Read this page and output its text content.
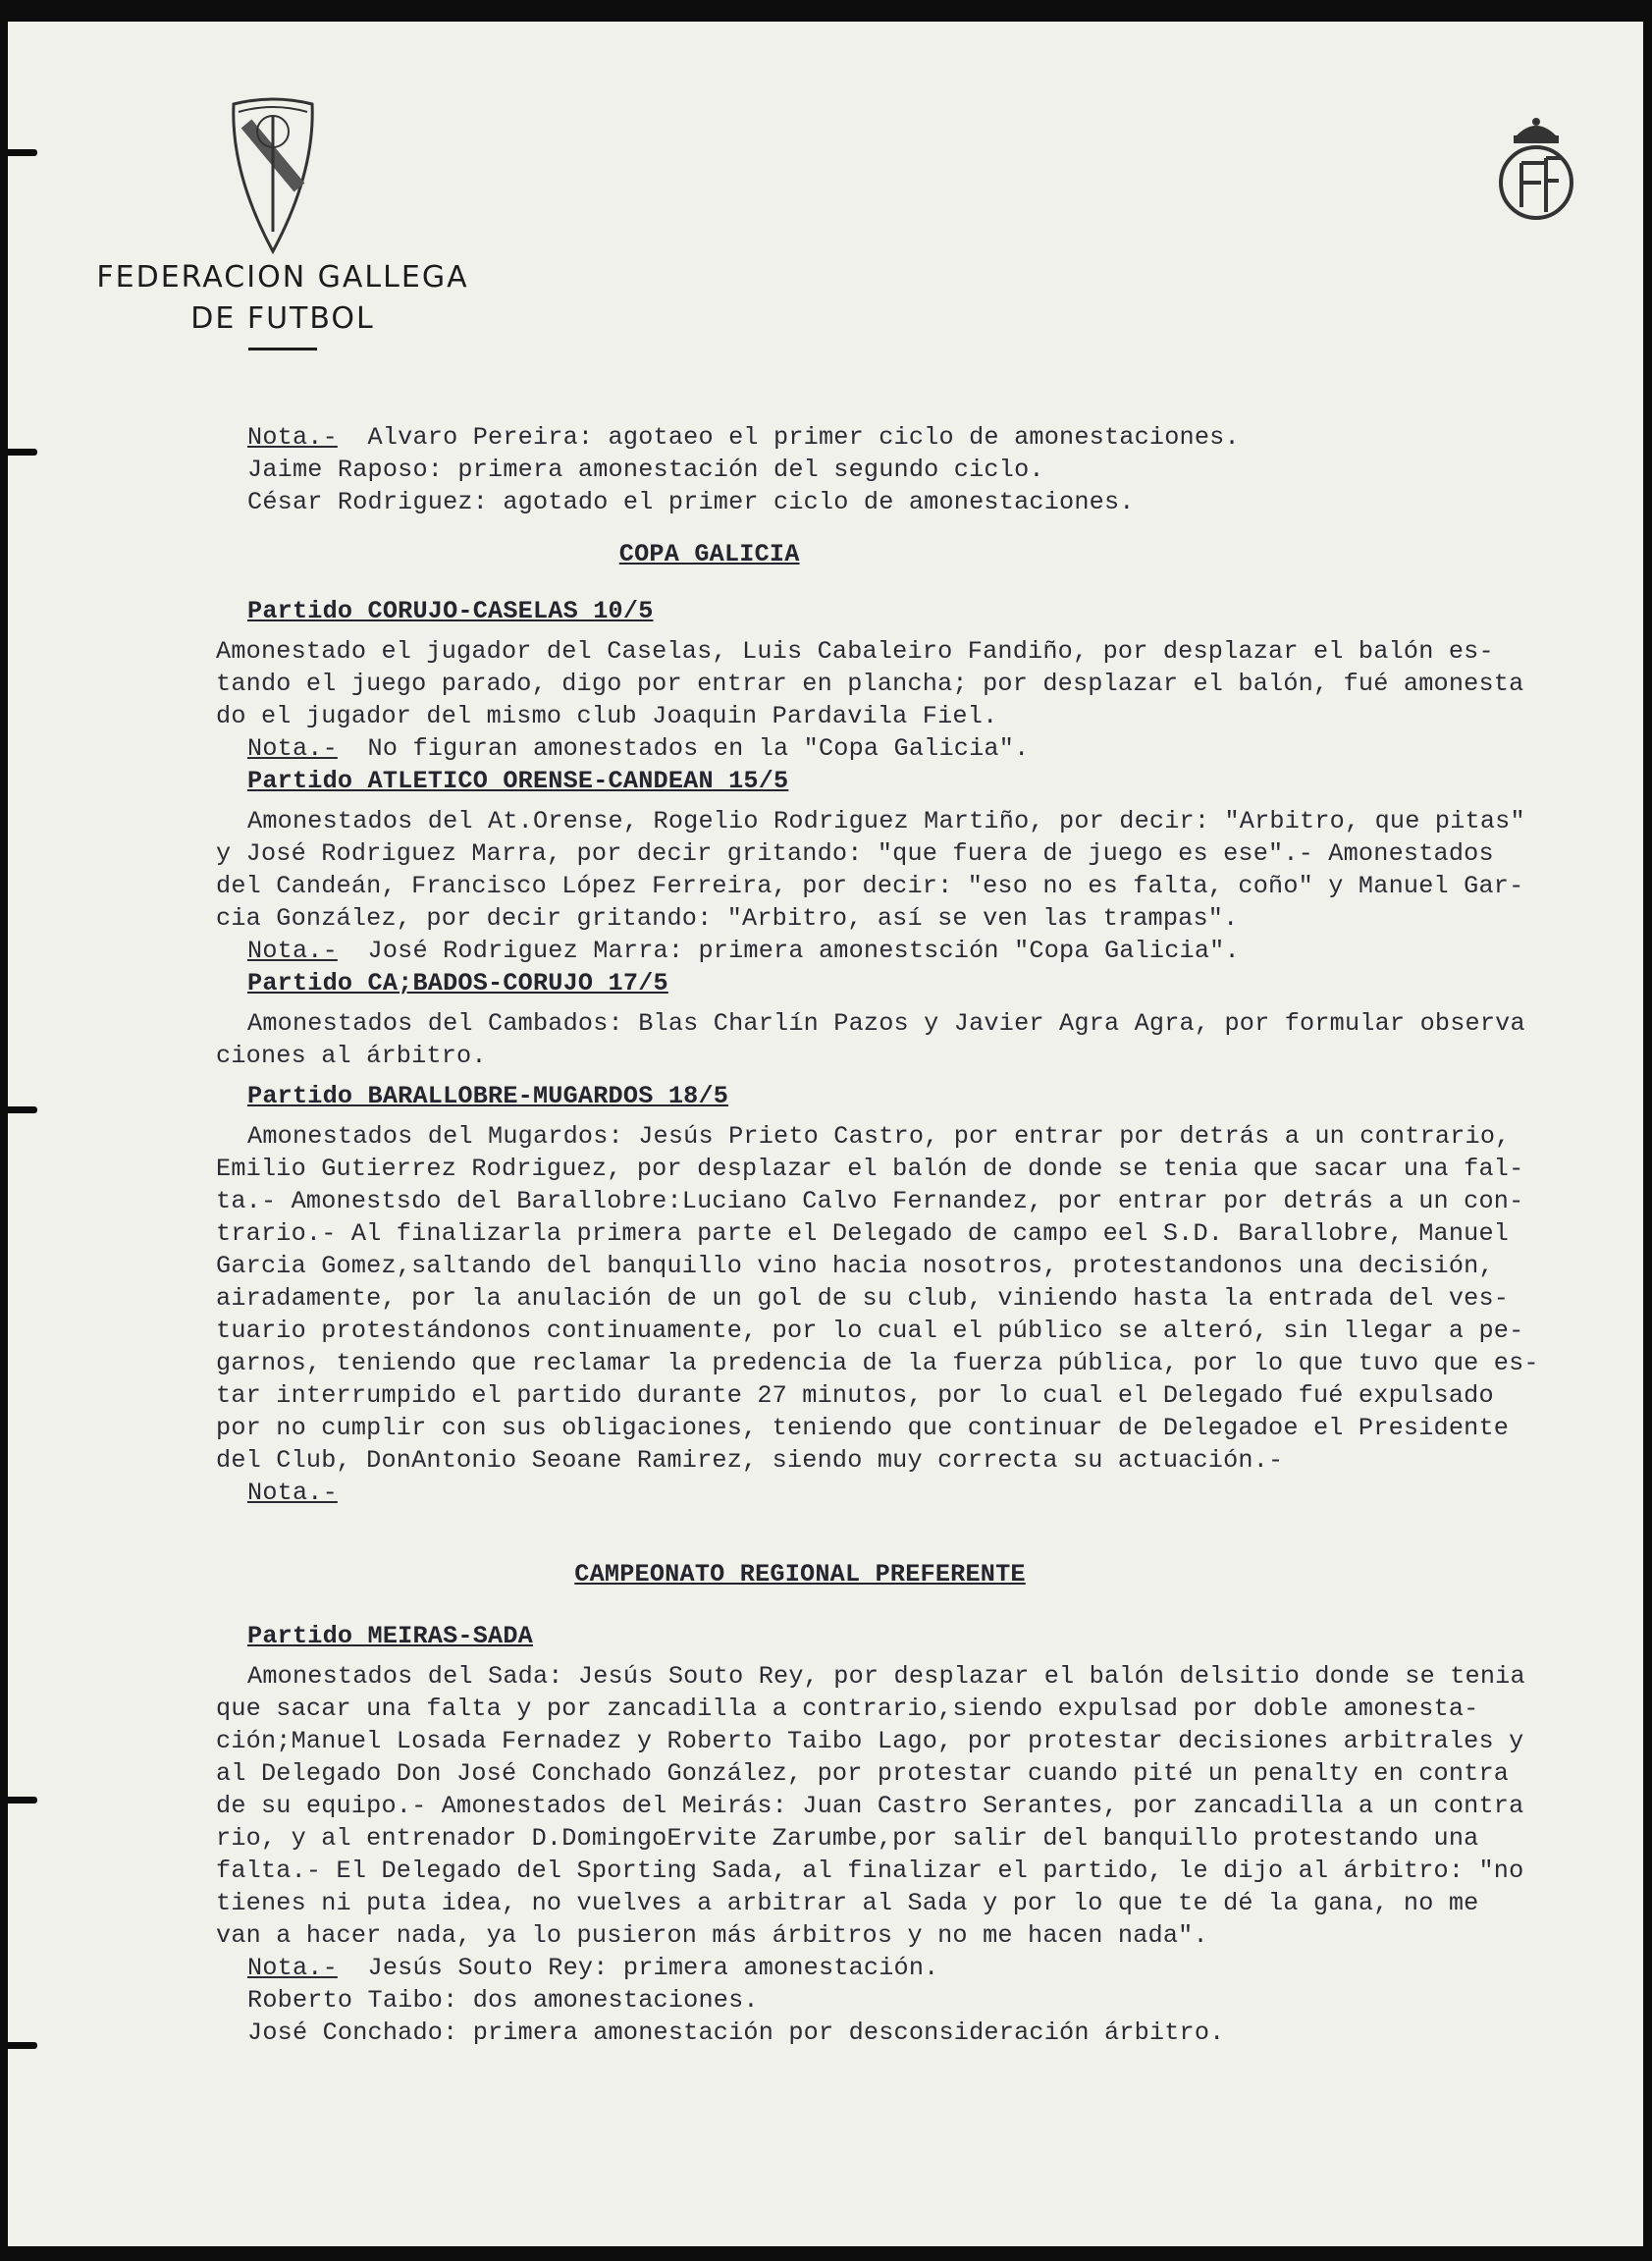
FEDERACION GALLEGA
DE FUTBOL
Nota.-  Alvaro Pereira: agotaeo el primer ciclo de amonestaciones.
Jaime Raposo: primera amonestación del segundo ciclo.
César Rodriguez: agotado el primer ciclo de amonestaciones.
COPA GALICIA
Partido CORUJO-CASELAS 10/5
Amonestado el jugador del Caselas, Luis Cabaleiro Fandiño, por desplazar el balón es-
tando el juego parado, digo por entrar en plancha; por desplazar el balón, fué amonesta
do el jugador del mismo club Joaquin Pardavila Fiel.
Nota.-  No figuran amonestados en la "Copa Galicia".
Partido ATLETICO ORENSE-CANDEAN 15/5
Amonestados del At.Orense, Rogelio Rodriguez Martiño, por decir: "Arbitro, que pitas"
y José Rodriguez Marra, por decir gritando: "que fuera de juego es ese".- Amonestados
del Candeán, Francisco López Ferreira, por decir: "eso no es falta, coño" y Manuel Gar-
cia González, por decir gritando: "Arbitro, así se ven las trampas".
Nota.-  José Rodriguez Marra: primera amonestsción "Copa Galicia".
Partido CA;BADOS-CORUJO 17/5
Amonestados del Cambados: Blas Charlín Pazos y Javier Agra Agra, por formular observa
ciones al árbitro.
Partido BARALLOBRE-MUGARDOS 18/5
Amonestados del Mugardos: Jesús Prieto Castro, por entrar por detrás a un contrario,
Emilio Gutierrez Rodriguez, por desplazar el balón de donde se tenia que sacar una fal-
ta.- Amonestsdo del Barallobre:Luciano Calvo Fernandez, por entrar por detrás a un con-
trario.- Al finalizarla primera parte el Delegado de campo eel S.D. Barallobre, Manuel
Garcia Gomez,saltando del banquillo vino hacia nosotros, protestandonos una decisión,
airadamente, por la anulación de un gol de su club, viniendo hasta la entrada del ves-
tuario protestándonos continuamente, por lo cual el público se alteró, sin llegar a pe-
garnos, teniendo que reclamar la predencia de la fuerza pública, por lo que tuvo que es-
tar interrumpido el partido durante 27 minutos, por lo cual el Delegado fué expulsado
por no cumplir con sus obligaciones, teniendo que continuar de Delegadoe el Presidente
del Club, DonAntonio Seoane Ramirez, siendo muy correcta su actuación.-
Nota.-
CAMPEONATO REGIONAL PREFERENTE
Partido MEIRAS-SADA
Amonestados del Sada: Jesús Souto Rey, por desplazar el balón delsitio donde se tenia
que sacar una falta y por zancadilla a contrario,siendo expulsad por doble amonesta-
ción;Manuel Losada Fernadez y Roberto Taibo Lago, por protestar decisiones arbitrales y
al Delegado Don José Conchado González, por protestar cuando pité un penalty en contra
de su equipo.- Amonestados del Meirás: Juan Castro Serantes, por zancadilla a un contra
rio, y al entrenador D.DomingoErvite Zarumbe,por salir del banquillo protestando una
falta.- El Delegado del Sporting Sada, al finalizar el partido, le dijo al árbitro: "no
tienes ni puta idea, no vuelves a arbitrar al Sada y por lo que te dé la gana, no me
van a hacer nada, ya lo pusieron más árbitros y no me hacen nada".
Nota.-  Jesús Souto Rey: primera amonestación.
Roberto Taibo: dos amonestaciones.
José Conchado: primera amonestación por desconsideración árbitro.
